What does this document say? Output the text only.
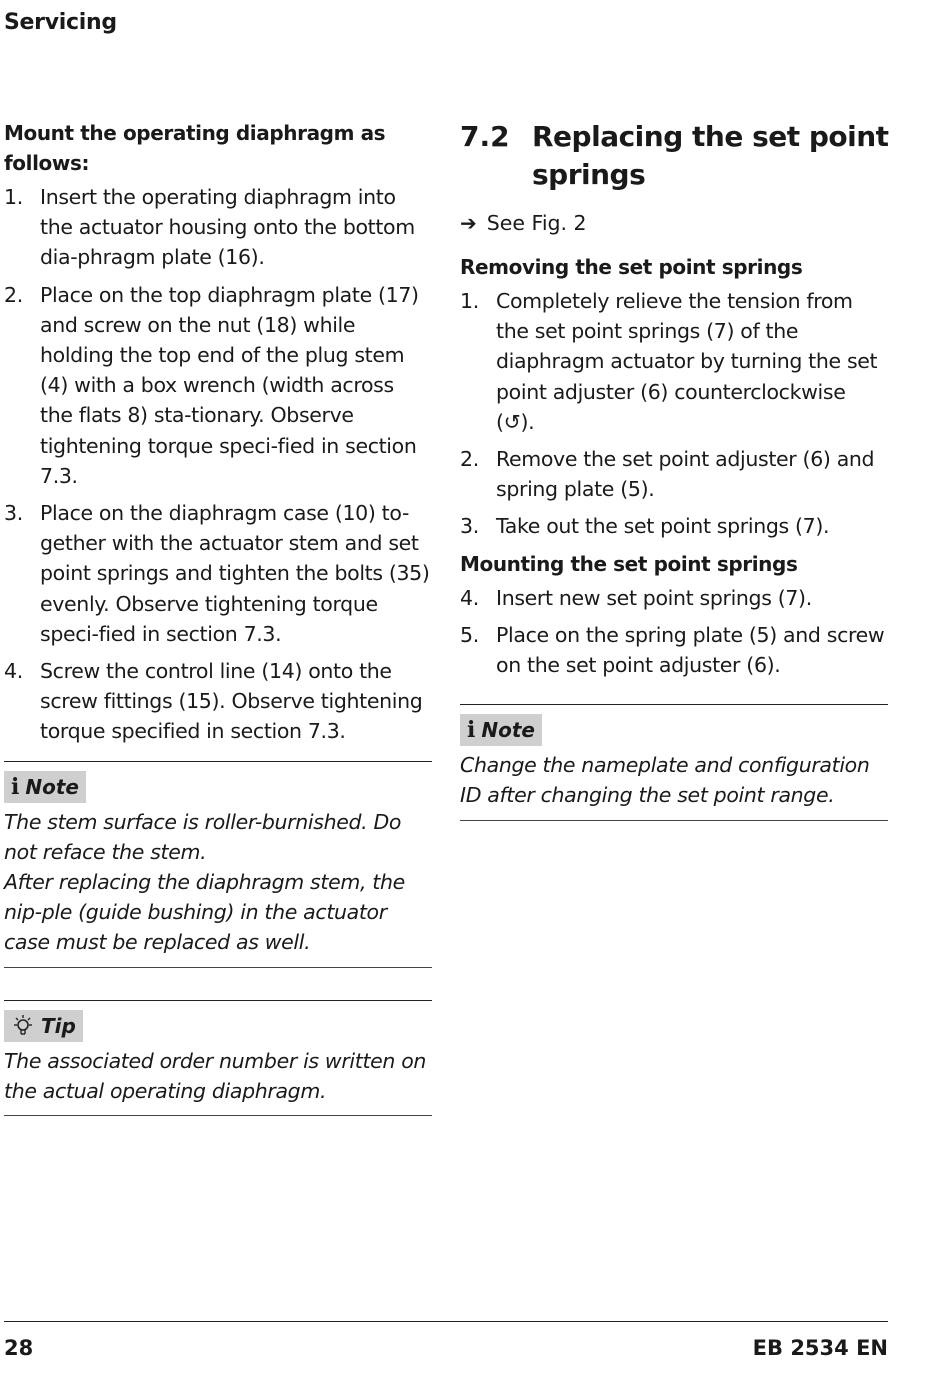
Servicing

Mount the operating diaphragm as follows:

1. Insert the operating diaphragm into the actuator housing onto the bottom dia-phragm plate (16).
2. Place on the top diaphragm plate (17) and screw on the nut (18) while holding the top end of the plug stem (4) with a box wrench (width across the flats 8) sta-tionary. Observe tightening torque speci-fied in section 7.3.
3. Place on the diaphragm case (10) to-gether with the actuator stem and set point springs and tighten the bolts (35) evenly. Observe tightening torque speci-fied in section 7.3.
4. Screw the control line (14) onto the screw fittings (15). Observe tightening torque specified in section 7.3.
i Note

The stem surface is roller-burnished. Do not reface the stem.

After replacing the diaphragm stem, the nip-ple (guide bushing) in the actuator case must be replaced as well.

Tip

The associated order number is written on the actual operating diaphragm.

7.2 Replacing the set point springs
➔ See Fig. 2

Removing the set point springs

1. Completely relieve the tension from the set point springs (7) of the diaphragm actuator by turning the set point adjuster (6) counterclockwise (↺).
2. Remove the set point adjuster (6) and spring plate (5).
3. Take out the set point springs (7).

Mounting the set point springs

4. Insert new set point springs (7).
5. Place on the spring plate (5) and screw on the set point adjuster (6).
i Note

Change the nameplate and configuration ID after changing the set point range.

28	EB 2534 EN
